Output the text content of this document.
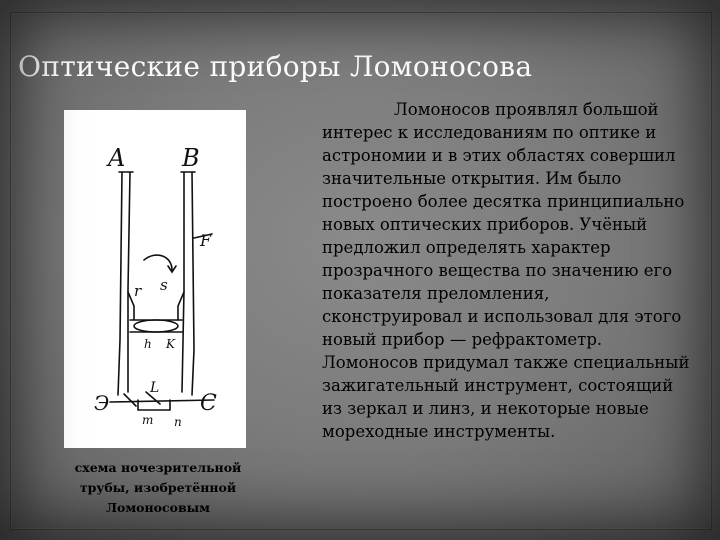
Оптические приборы Ломоносова
A B
F
r s
h K
Э
L
m n
C
схема ночезрительной трубы, изобретённой Ломоносовым
Ломоносов проявлял большой интерес к исследованиям по оптике и астрономии и в этих областях совершил значительные открытия. Им было построено более десятка принципиально новых оптических приборов. Учёный предложил определять характер прозрачного вещества по значению его показателя преломления, сконструировал и использовал для этого новый прибор — рефрактометр. Ломоносов придумал также специальный зажигательный инструмент, состоящий из зеркал и линз, и некоторые новые мореходные инструменты.
